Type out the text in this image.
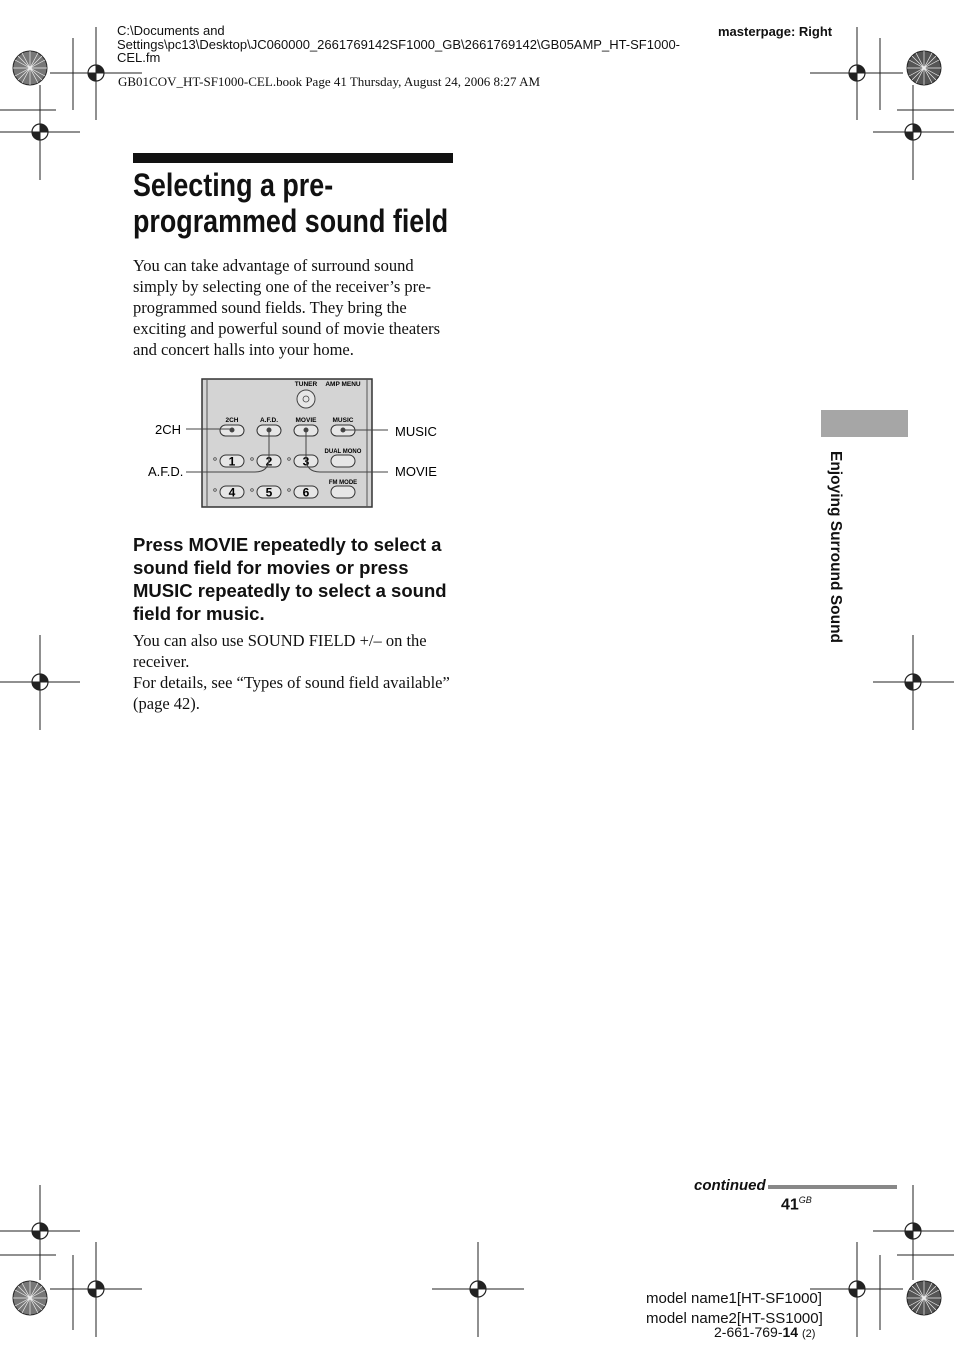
C:\Documents and Settings\pc13\Desktop\JC060000_2661769142SF1000_GB\2661769142\GB05AMP_HT-SF1000-CEL.fm
masterpage: Right
GB01COV_HT-SF1000-CEL.book Page 41 Thursday, August 24, 2006 8:27 AM
Selecting a pre-programmed sound field
You can take advantage of surround sound simply by selecting one of the receiver’s pre-programmed sound fields. They bring the exciting and powerful sound of movie theaters and concert halls into your home.
TUNER AMP MENU
2CH	A.F.D.	MOVIE MUSIC
DUAL MONO
FM MODE
1	2	3
4	5	6
2CH
A.F.D.
MUSIC
MOVIE
Press MOVIE repeatedly to select a sound field for movies or press MUSIC repeatedly to select a sound field for music.
You can also use SOUND FIELD +/– on the receiver.
For details, see “Types of sound field available” (page 42).
Enjoying Surround Sound
continued
$41^{GB}$
model name1[HT-SF1000]
model name2[HT-SS1000]
2-661-769-14 (2)
